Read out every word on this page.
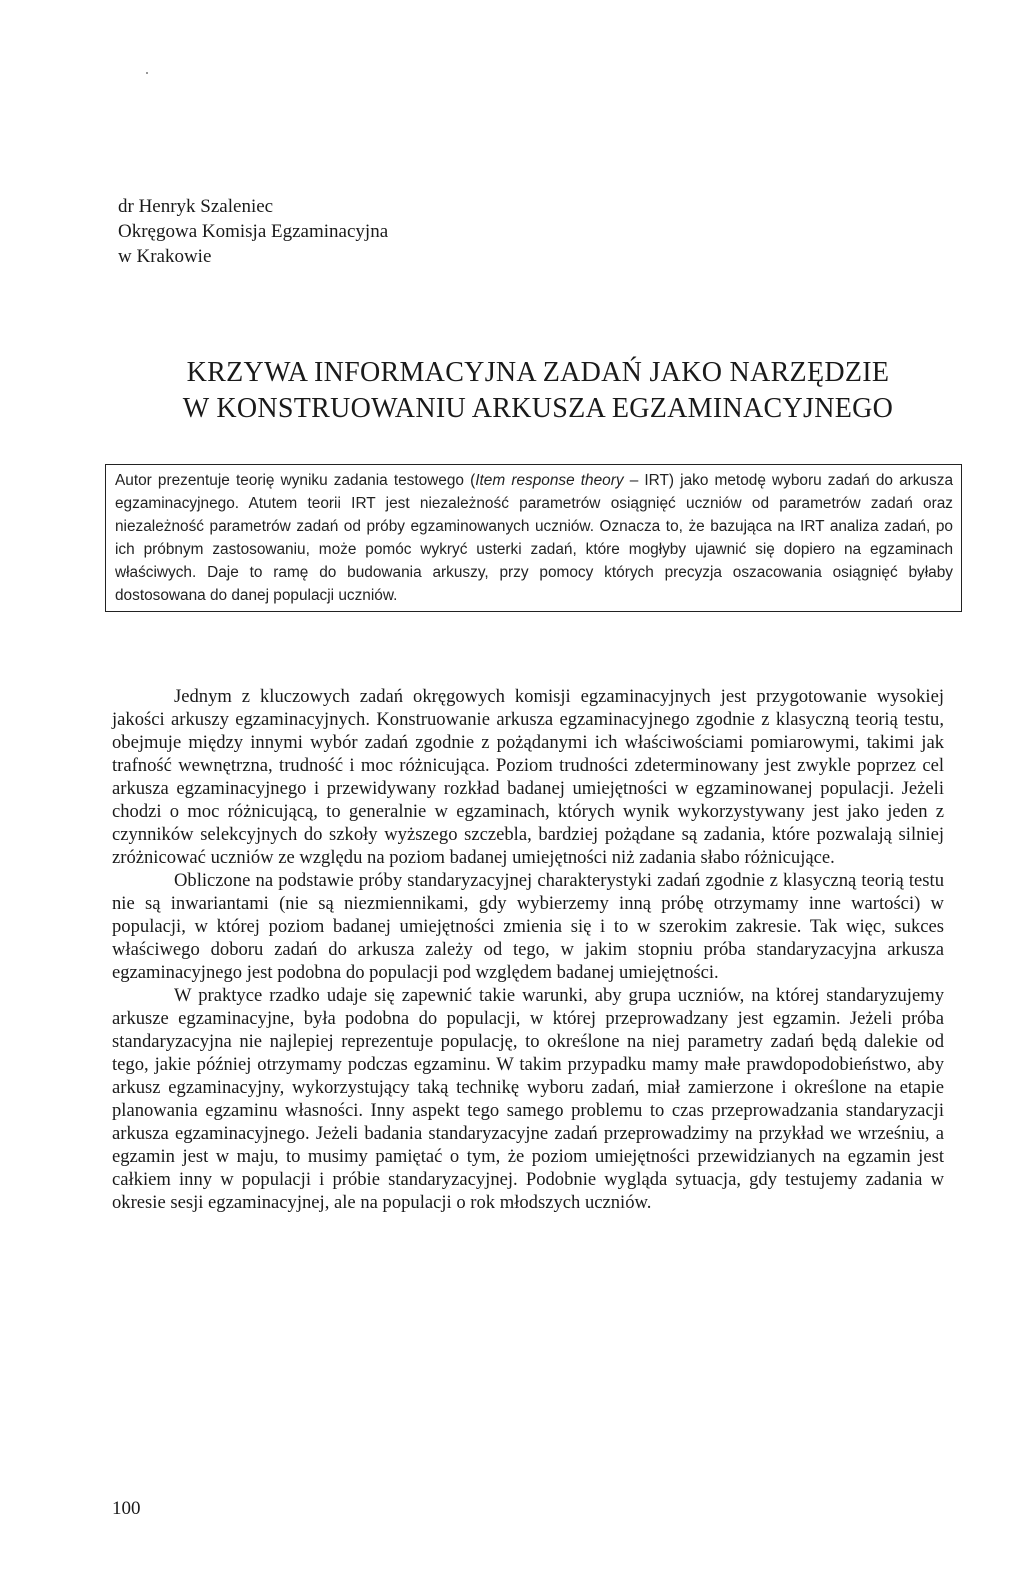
dr Henryk Szaleniec
Okręgowa Komisja Egzaminacyjna
w Krakowie
KRZYWA INFORMACYJNA ZADAŃ JAKO NARZĘDZIE
W KONSTRUOWANIU ARKUSZA EGZAMINACYJNEGO
Autor prezentuje teorię wyniku zadania testowego (Item response theory – IRT) jako metodę wyboru zadań do arkusza egzaminacyjnego. Atutem teorii IRT jest niezależność parametrów osiągnięć uczniów od parametrów zadań oraz niezależność parametrów zadań od próby egzaminowanych uczniów. Oznacza to, że bazująca na IRT analiza zadań, po ich próbnym zastosowaniu, może pomóc wykryć usterki zadań, które mogłyby ujawnić się dopiero na egzaminach właściwych. Daje to ramę do budowania arkuszy, przy pomocy których precyzja oszacowania osiągnięć byłaby dostosowana do danej populacji uczniów.

Jednym z kluczowych zadań okręgowych komisji egzaminacyjnych jest przygotowanie wysokiej jakości arkuszy egzaminacyjnych. Konstruowanie arkusza egzaminacyjnego zgodnie z klasyczną teorią testu, obejmuje między innymi wybór zadań zgodnie z pożądanymi ich właściwościami pomiarowymi, takimi jak trafność wewnętrzna, trudność i moc różnicująca. Poziom trudności zdeterminowany jest zwykle poprzez cel arkusza egzaminacyjnego i przewidywany rozkład badanej umiejętności w egzaminowanej populacji. Jeżeli chodzi o moc różnicującą, to generalnie w egzaminach, których wynik wykorzystywany jest jako jeden z czynników selekcyjnych do szkoły wyższego szczebla, bardziej pożądane są zadania, które pozwalają silniej zróżnicować uczniów ze względu na poziom badanej umiejętności niż zadania słabo różnicujące.

Obliczone na podstawie próby standaryzacyjnej charakterystyki zadań zgodnie z klasyczną teorią testu nie są inwariantami (nie są niezmiennikami, gdy wybierzemy inną próbę otrzymamy inne wartości) w populacji, w której poziom badanej umiejętności zmienia się i to w szerokim zakresie. Tak więc, sukces właściwego doboru zadań do arkusza zależy od tego, w jakim stopniu próba standaryzacyjna arkusza egzaminacyjnego jest podobna do populacji pod względem badanej umiejętności.

W praktyce rzadko udaje się zapewnić takie warunki, aby grupa uczniów, na której standaryzujemy arkusze egzaminacyjne, była podobna do populacji, w której przeprowadzany jest egzamin. Jeżeli próba standaryzacyjna nie najlepiej reprezentuje populację, to określone na niej parametry zadań będą dalekie od tego, jakie później otrzymamy podczas egzaminu. W takim przypadku mamy małe prawdopodobieństwo, aby arkusz egzaminacyjny, wykorzystujący taką technikę wyboru zadań, miał zamierzone i określone na etapie planowania egzaminu własności. Inny aspekt tego samego problemu to czas przeprowadzania standaryzacji arkusza egzaminacyjnego. Jeżeli badania standaryzacyjne zadań przeprowadzimy na przykład we wrześniu, a egzamin jest w maju, to musimy pamiętać o tym, że poziom umiejętności przewidzianych na egzamin jest całkiem inny w populacji i próbie standaryzacyjnej. Podobnie wygląda sytuacja, gdy testujemy zadania w okresie sesji egzaminacyjnej, ale na populacji o rok młodszych uczniów.

100
